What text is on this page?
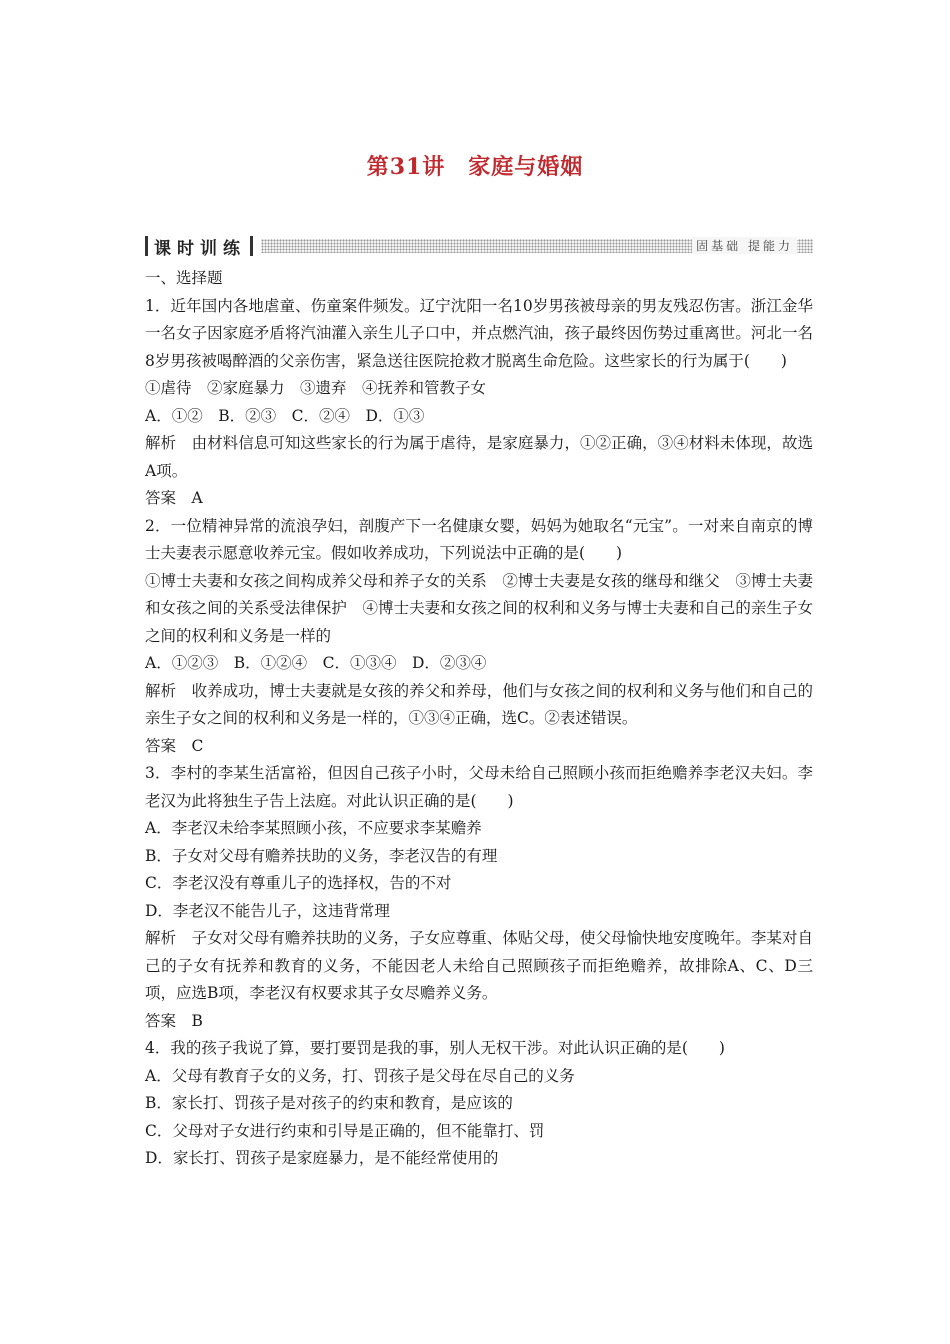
第31讲　家庭与婚姻
课时训练	固基础 提能力

一、选择题

1．近年国内各地虐童、伤童案件频发。辽宁沈阳一名10岁男孩被母亲的男友残忍伤害。浙江金华一名女子因家庭矛盾将汽油灌入亲生儿子口中，并点燃汽油，孩子最终因伤势过重离世。河北一名8岁男孩被喝醉酒的父亲伤害，紧急送往医院抢救才脱离生命危险。这些家长的行为属于(　　)

①虐待　②家庭暴力　③遗弃　④抚养和管教子女

A．①②　B．②③　C．②④　D．①③

解析　由材料信息可知这些家长的行为属于虐待，是家庭暴力，①②正确，③④材料未体现，故选A项。

答案　A

2．一位精神异常的流浪孕妇，剖腹产下一名健康女婴，妈妈为她取名“元宝”。一对来自南京的博士夫妻表示愿意收养元宝。假如收养成功，下列说法中正确的是(　　)

①博士夫妻和女孩之间构成养父母和养子女的关系　②博士夫妻是女孩的继母和继父　③博士夫妻和女孩之间的关系受法律保护　④博士夫妻和女孩之间的权利和义务与博士夫妻和自己的亲生子女之间的权利和义务是一样的

A．①②③　B．①②④　C．①③④　D．②③④

解析　收养成功，博士夫妻就是女孩的养父和养母，他们与女孩之间的权利和义务与他们和自己的亲生子女之间的权利和义务是一样的，①③④正确，选C。②表述错误。

答案　C

3．李村的李某生活富裕，但因自己孩子小时，父母未给自己照顾小孩而拒绝赡养李老汉夫妇。李老汉为此将独生子告上法庭。对此认识正确的是(　　)

A．李老汉未给李某照顾小孩，不应要求李某赡养

B．子女对父母有赡养扶助的义务，李老汉告的有理

C．李老汉没有尊重儿子的选择权，告的不对

D．李老汉不能告儿子，这违背常理

解析　子女对父母有赡养扶助的义务，子女应尊重、体贴父母，使父母愉快地安度晚年。李某对自己的子女有抚养和教育的义务，不能因老人未给自己照顾孩子而拒绝赡养，故排除A、C、D三项，应选B项，李老汉有权要求其子女尽赡养义务。

答案　B

4．我的孩子我说了算，要打要罚是我的事，别人无权干涉。对此认识正确的是(　　)

A．父母有教育子女的义务，打、罚孩子是父母在尽自己的义务

B．家长打、罚孩子是对孩子的约束和教育，是应该的

C．父母对子女进行约束和引导是正确的，但不能靠打、罚

D．家长打、罚孩子是家庭暴力，是不能经常使用的
